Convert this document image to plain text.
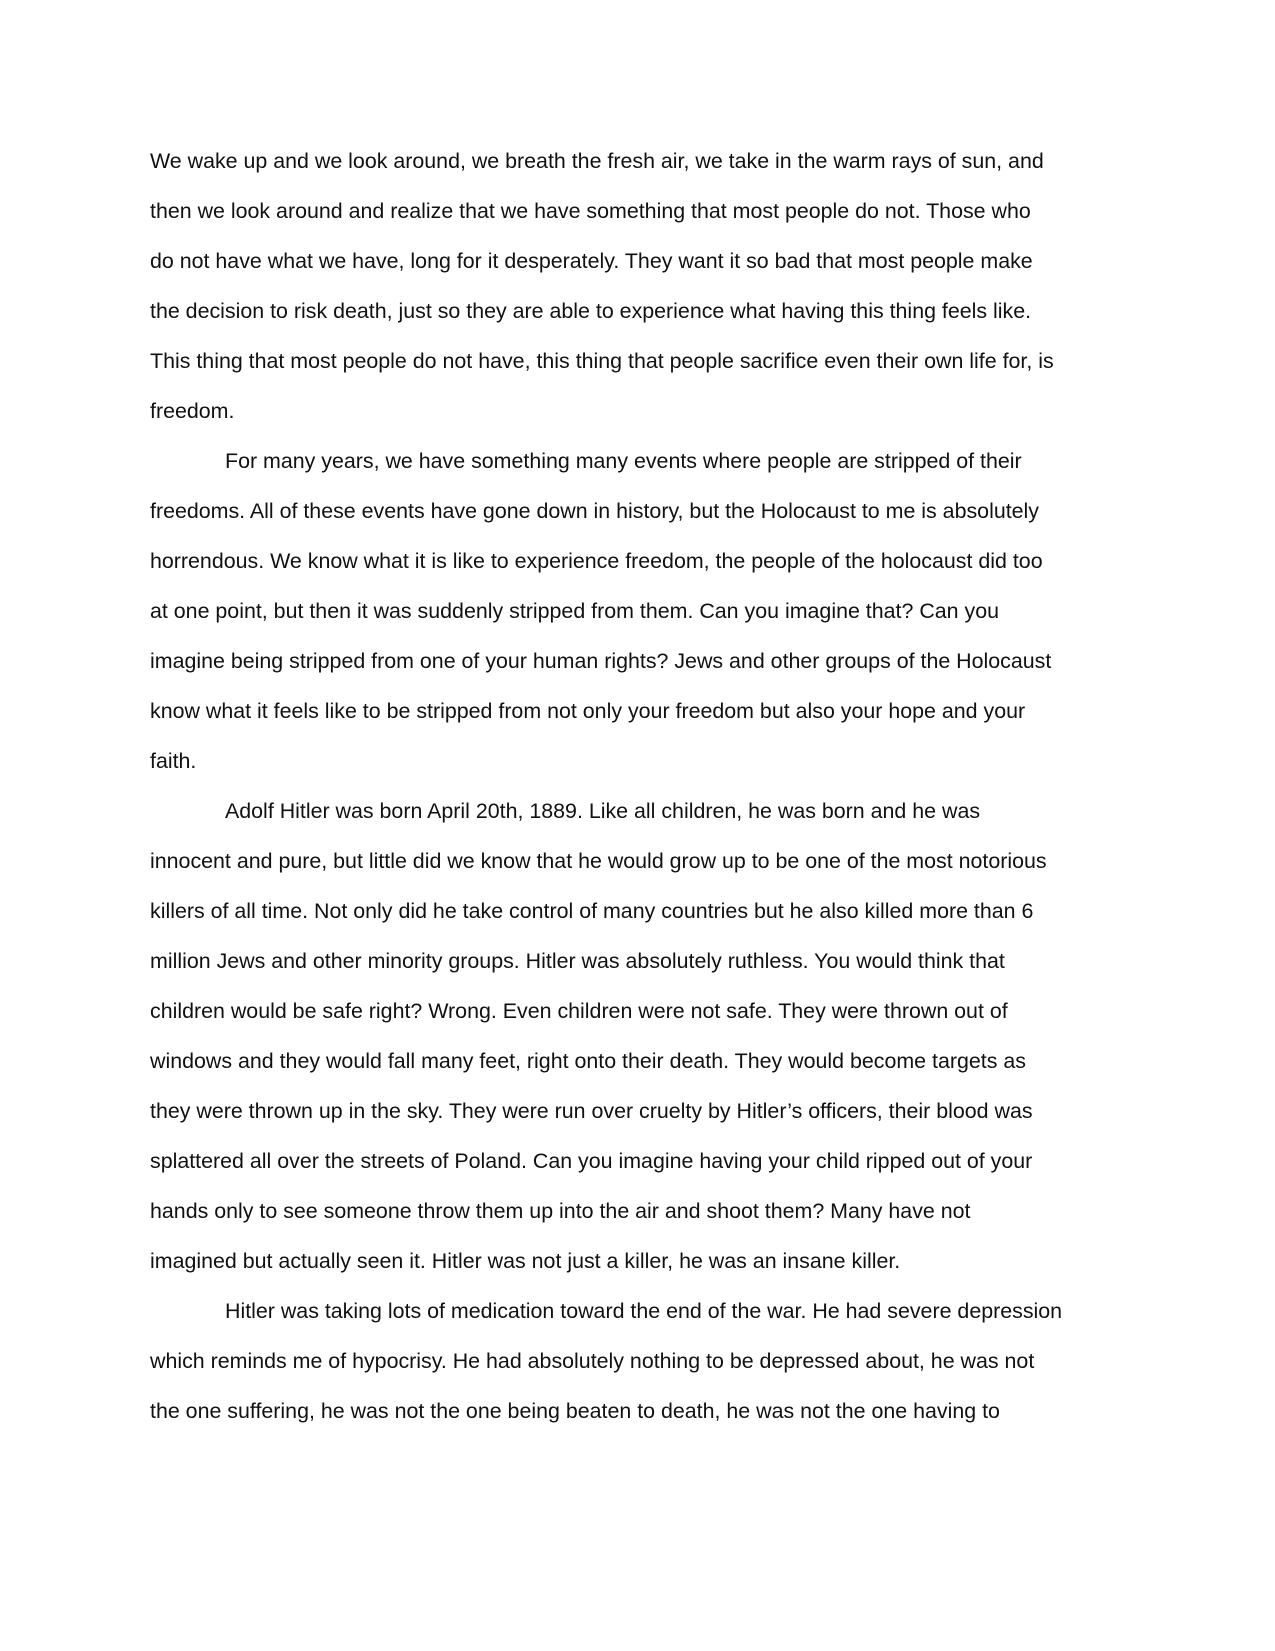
We wake up and we look around, we breath the fresh air, we take in the warm rays of sun, and

then we look around and realize that we have something that most people do not. Those who

do not have what we have, long for it desperately. They want it so bad that most people make

the decision to risk death, just so they are able to experience what having this thing feels like.

This thing that most people do not have, this thing that people sacrifice even their own life for, is

freedom.

For many years, we have something many events where people are stripped of their

freedoms. All of these events have gone down in history, but the Holocaust to me is absolutely

horrendous. We know what it is like to experience freedom, the people of the holocaust did too

at one point, but then it was suddenly stripped from them. Can you imagine that? Can you

imagine being stripped from one of your human rights? Jews and other groups of the Holocaust

know what it feels like to be stripped from not only your freedom but also your hope and your

faith.

Adolf Hitler was born April 20th, 1889. Like all children, he was born and he was

innocent and pure, but little did we know that he would grow up to be one of the most notorious

killers of all time. Not only did he take control of many countries but he also killed more than 6

million Jews and other minority groups. Hitler was absolutely ruthless. You would think that

children would be safe right? Wrong. Even children were not safe. They were thrown out of

windows and they would fall many feet, right onto their death. They would become targets as

they were thrown up in the sky. They were run over cruelty by Hitler’s officers, their blood was

splattered all over the streets of Poland. Can you imagine having your child ripped out of your

hands only to see someone throw them up into the air and shoot them? Many have not

imagined but actually seen it. Hitler was not just a killer, he was an insane killer.

Hitler was taking lots of medication toward the end of the war. He had severe depression

which reminds me of hypocrisy. He had absolutely nothing to be depressed about, he was not

the one suffering, he was not the one being beaten to death, he was not the one having to
